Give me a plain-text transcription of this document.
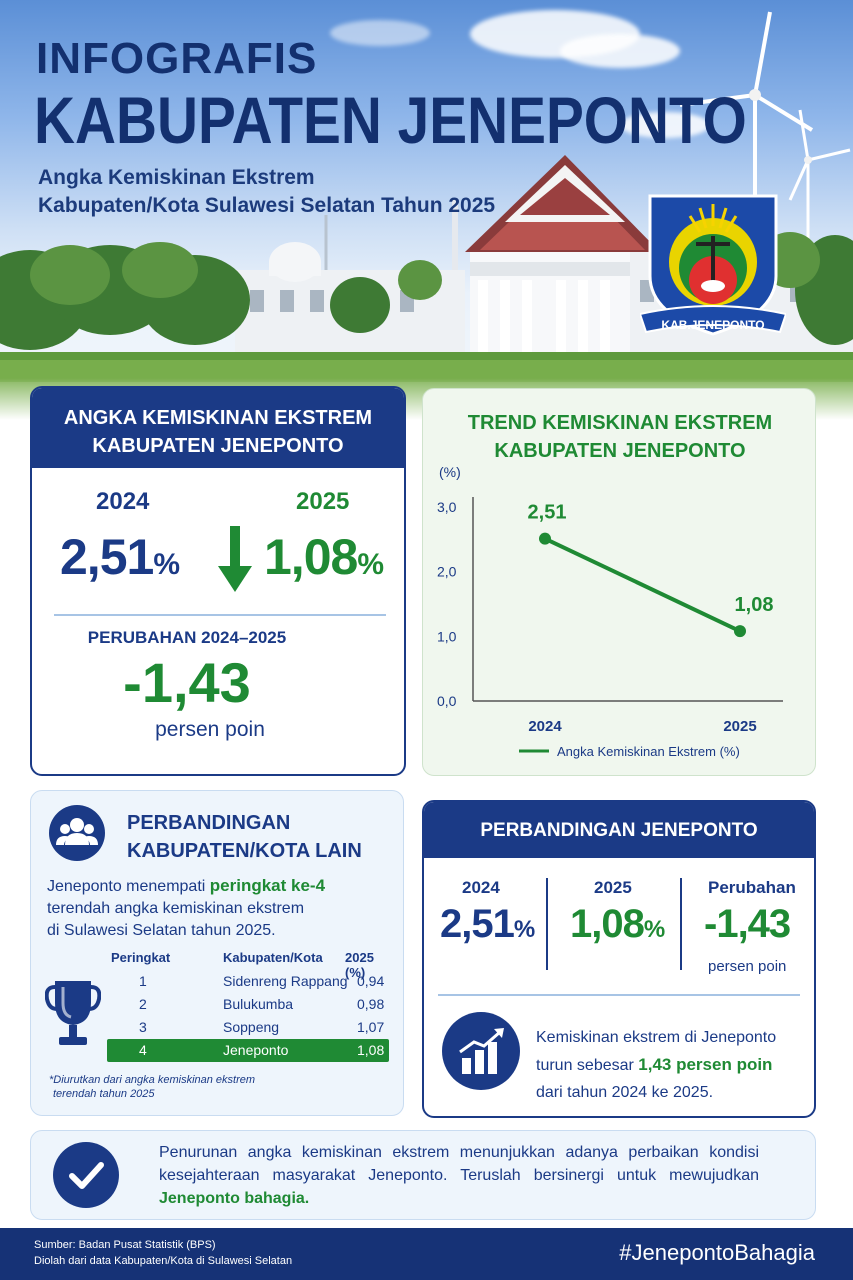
INFOGRAFIS
KABUPATEN JENEPONTO
Angka Kemiskinan Ekstrem
Kabupaten/Kota Sulawesi Selatan Tahun 2025
KAB.JENEPONTO
ANGKA KEMISKINAN EKSTREM
KABUPATEN JENEPONTO
2024	2025
2,51% 1,08%
PERUBAHAN 2024–2025
-1,43
persen poin
TREND KEMISKINAN EKSTREM
KABUPATEN JENEPONTO
(%)
0,0
1,0
2,0
3,0
2024	2025
2,51
1,08
Angka Kemiskinan Ekstrem (%)
PERBANDINGAN
KABUPATEN/KOTA LAIN
Jeneponto menempati peringkat ke-4
terendah angka kemiskinan ekstrem
di Sulawesi Selatan tahun 2025.
Peringkat	Kabupaten/Kota 2025 (%)
1	Sidenreng Rappang 0,94
2	Bulukumba	0,98
3	Soppeng	1,07
4	Jeneponto	1,08
*Diurutkan dari angka kemiskinan ekstrem
terendah tahun 2025
PERBANDINGAN JENEPONTO
2024
2,51%
2025
1,08%
Perubahan
-1,43
persen poin
Kemiskinan ekstrem di Jeneponto
turun sebesar 1,43 persen poin
dari tahun 2024 ke 2025.
Penurunan angka kemiskinan ekstrem menunjukkan adanya perbaikan kondisi kesejahteraan masyarakat Jeneponto. Teruslah bersinergi untuk mewujudkan Jeneponto bahagia.
Sumber: Badan Pusat Statistik (BPS)
Diolah dari data Kabupaten/Kota di Sulawesi Selatan	#JenepontoBahagia
